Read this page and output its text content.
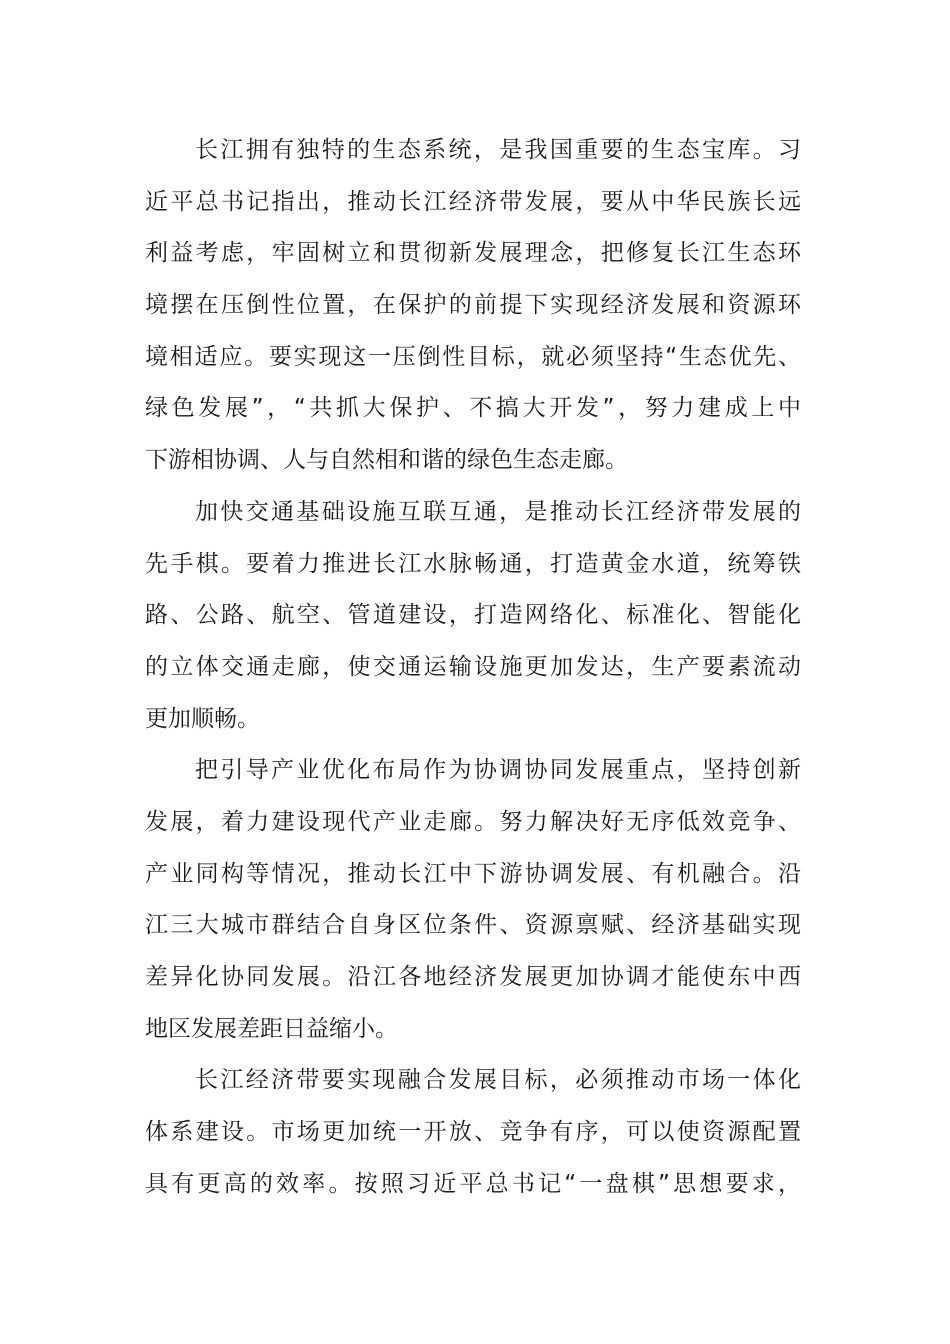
长江拥有独特的生态系统，是我国重要的生态宝库。习
近平总书记指出，推动长江经济带发展，要从中华民族长远
利益考虑，牢固树立和贯彻新发展理念，把修复长江生态环
境摆在压倒性位置，在保护的前提下实现经济发展和资源环
境相适应。要实现这一压倒性目标，就必须坚持“生态优先、
绿色发展”，“共抓大保护、不搞大开发”，努力建成上中
下游相协调、人与自然相和谐的绿色生态走廊。
加快交通基础设施互联互通，是推动长江经济带发展的
先手棋。要着力推进长江水脉畅通，打造黄金水道，统筹铁
路、公路、航空、管道建设，打造网络化、标准化、智能化
的立体交通走廊，使交通运输设施更加发达，生产要素流动
更加顺畅。
把引导产业优化布局作为协调协同发展重点，坚持创新
发展，着力建设现代产业走廊。努力解决好无序低效竞争、
产业同构等情况，推动长江中下游协调发展、有机融合。沿
江三大城市群结合自身区位条件、资源禀赋、经济基础实现
差异化协同发展。沿江各地经济发展更加协调才能使东中西
地区发展差距日益缩小。
长江经济带要实现融合发展目标，必须推动市场一体化
体系建设。市场更加统一开放、竞争有序，可以使资源配置
具有更高的效率。按照习近平总书记“一盘棋”思想要求，
